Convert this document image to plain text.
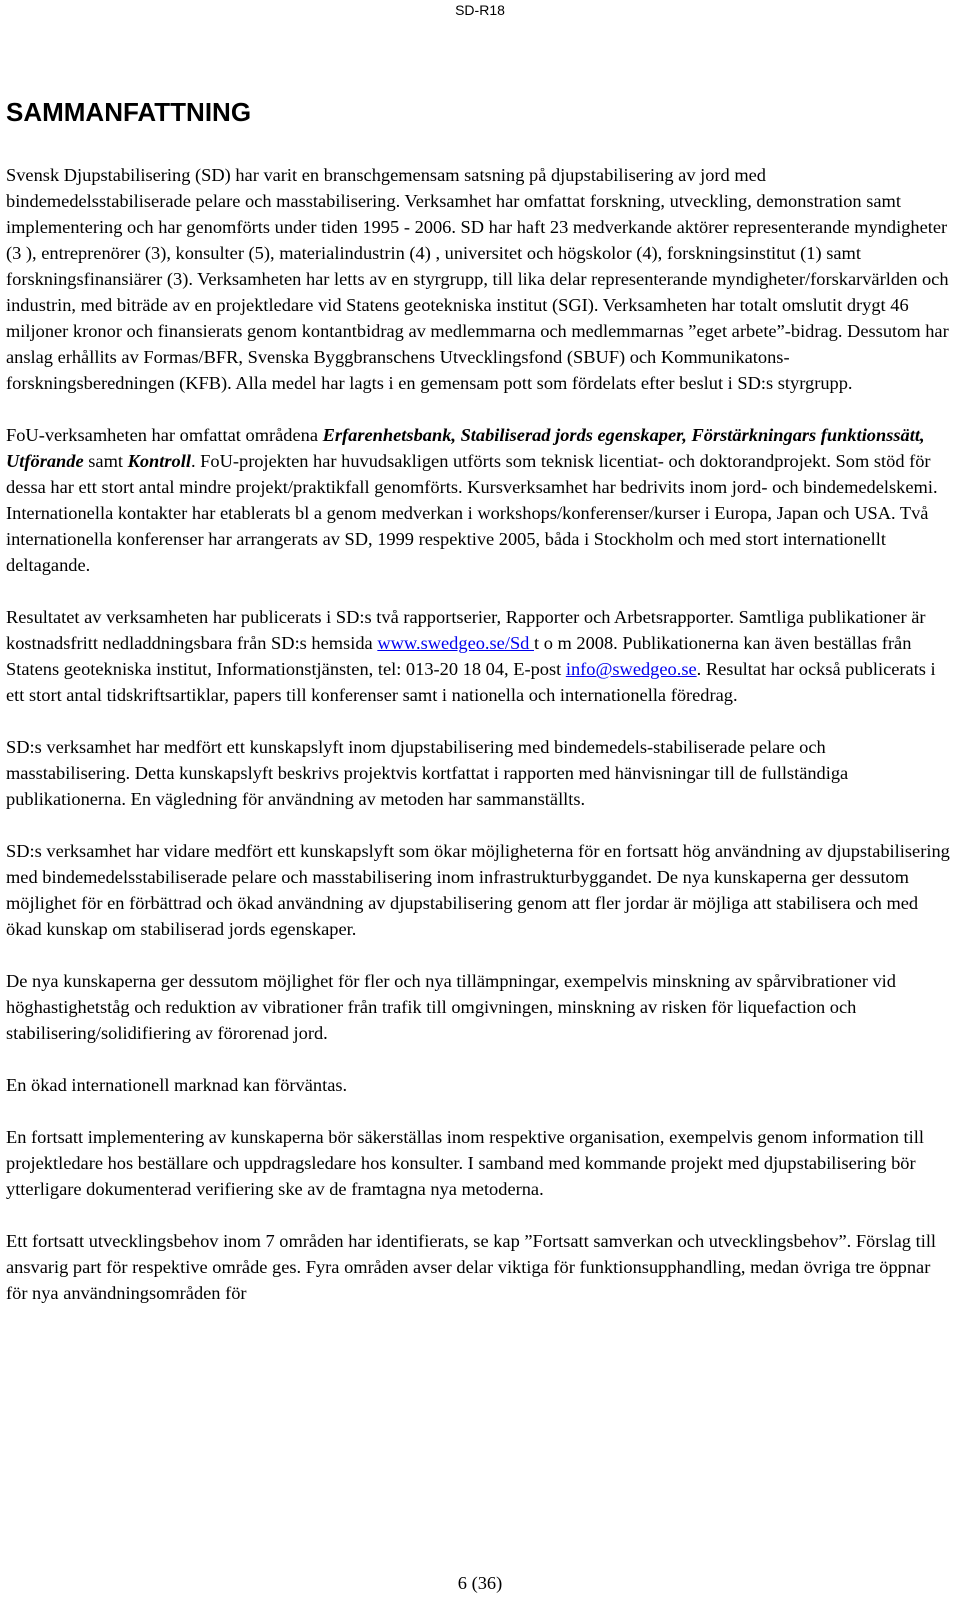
SD-R18
SAMMANFATTNING

Svensk Djupstabilisering (SD) har varit en branschgemensam satsning på djupstabilisering av jord med bindemedelsstabiliserade pelare och masstabilisering. Verksamhet har omfattat forskning, utveckling, demonstration samt implementering och har genomförts under tiden 1995 - 2006. SD har haft 23 medverkande aktörer representerande myndigheter (3 ), entreprenörer (3), konsulter (5), materialindustrin (4) , universitet och högskolor (4), forskningsinstitut (1) samt forskningsfinansiärer (3). Verksamheten har letts av en styrgrupp, till lika delar representerande myndigheter/forskarvärlden och industrin, med biträde av en projektledare vid Statens geotekniska institut (SGI). Verksamheten har totalt omslutit drygt 46 miljoner kronor och finansierats genom kontantbidrag av medlemmarna och medlemmarnas ”eget arbete”-bidrag. Dessutom har anslag erhållits av Formas/BFR, Svenska Byggbranschens Utvecklingsfond (SBUF) och Kommunikatons-forskningsberedningen (KFB). Alla medel har lagts i en gemensam pott som fördelats efter beslut i SD:s styrgrupp.

FoU-verksamheten har omfattat områdena Erfarenhetsbank, Stabiliserad jords egenskaper, Förstärkningars funktionssätt, Utförande samt Kontroll. FoU-projekten har huvudsakligen utförts som teknisk licentiat- och doktorandprojekt. Som stöd för dessa har ett stort antal mindre projekt/praktikfall genomförts. Kursverksamhet har bedrivits inom jord- och bindemedelskemi. Internationella kontakter har etablerats bl a genom medverkan i workshops/konferenser/kurser i Europa, Japan och USA. Två internationella konferenser har arrangerats av SD, 1999 respektive 2005, båda i Stockholm och med stort internationellt deltagande.

Resultatet av verksamheten har publicerats i SD:s två rapportserier, Rapporter och Arbetsrapporter. Samtliga publikationer är kostnadsfritt nedladdningsbara från SD:s hemsida www.swedgeo.se/Sd t o m 2008. Publikationerna kan även beställas från Statens geotekniska institut, Informationstjänsten, tel: 013-20 18 04, E-post info@swedgeo.se. Resultat har också publicerats i ett stort antal tidskriftsartiklar, papers till konferenser samt i nationella och internationella föredrag.

SD:s verksamhet har medfört ett kunskapslyft inom djupstabilisering med bindemedels-stabiliserade pelare och masstabilisering. Detta kunskapslyft beskrivs projektvis kortfattat i rapporten med hänvisningar till de fullständiga publikationerna. En vägledning för användning av metoden har sammanställts.

SD:s verksamhet har vidare medfört ett kunskapslyft som ökar möjligheterna för en fortsatt hög användning av djupstabilisering med bindemedelsstabiliserade pelare och masstabilisering inom infrastrukturbyggandet. De nya kunskaperna ger dessutom möjlighet för en förbättrad och ökad användning av djupstabilisering genom att fler jordar är möjliga att stabilisera och med ökad kunskap om stabiliserad jords egenskaper.

De nya kunskaperna ger dessutom möjlighet för fler och nya tillämpningar, exempelvis minskning av spårvibrationer vid höghastighetståg och reduktion av vibrationer från trafik till omgivningen, minskning av risken för liquefaction och stabilisering/solidifiering av förorenad jord.

En ökad internationell marknad kan förväntas.

En fortsatt implementering av kunskaperna bör säkerställas inom respektive organisation, exempelvis genom information till projektledare hos beställare och uppdragsledare hos konsulter. I samband med kommande projekt med djupstabilisering bör ytterligare dokumenterad verifiering ske av de framtagna nya metoderna.

Ett fortsatt utvecklingsbehov inom 7 områden har identifierats, se kap ”Fortsatt samverkan och utvecklingsbehov”. Förslag till ansvarig part för respektive område ges. Fyra områden avser delar viktiga för funktionsupphandling, medan övriga tre öppnar för nya användningsområden för

6 (36)
